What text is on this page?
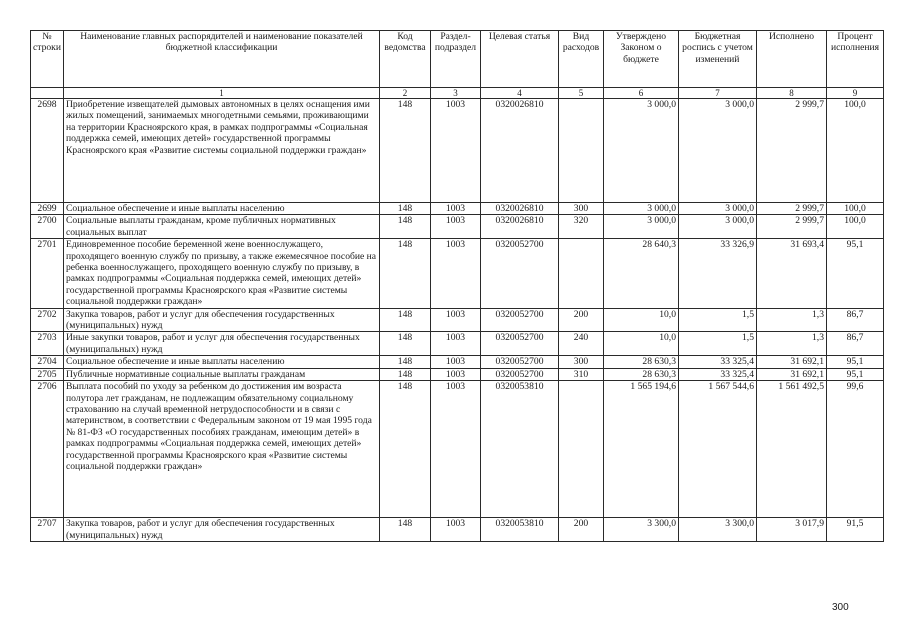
№ строки	Наименование главных распорядителей и наименование показателей бюджетной классификации	Код ведомства	Раздел-подраздел	Целевая статья	Вид расходов	Утверждено Законом о бюджете	Бюджетная роспись с учетом изменений	Исполнено	Процент исполнения
	1	2	3	4	5	6	7	8	9
2698	Приобретение извещателей дымовых автономных в целях оснащения ими жилых помещений, занимаемых многодетными семьями, проживающими на территории Красноярского края, в рамках подпрограммы «Социальная поддержка семей, имеющих детей» государственной программы Красноярского края «Развитие системы социальной поддержки граждан»	148	1003	0320026810		3 000,0	3 000,0	2 999,7	100,0
2699	Социальное обеспечение и иные выплаты населению	148	1003	0320026810	300	3 000,0	3 000,0	2 999,7	100,0
2700	Социальные выплаты гражданам, кроме публичных нормативных социальных выплат	148	1003	0320026810	320	3 000,0	3 000,0	2 999,7	100,0
2701	Единовременное пособие беременной жене военнослужащего, проходящего военную службу по призыву, а также ежемесячное пособие на ребенка военнослужащего, проходящего военную службу по призыву, в рамках подпрограммы «Социальная поддержка семей, имеющих детей» государственной программы Красноярского края «Развитие системы социальной поддержки граждан»	148	1003	0320052700		28 640,3	33 326,9	31 693,4	95,1
2702	Закупка товаров, работ и услуг для обеспечения государственных (муниципальных) нужд	148	1003	0320052700	200	10,0	1,5	1,3	86,7
2703	Иные закупки товаров, работ и услуг для обеспечения государственных (муниципальных) нужд	148	1003	0320052700	240	10,0	1,5	1,3	86,7
2704	Социальное обеспечение и иные выплаты населению	148	1003	0320052700	300	28 630,3	33 325,4	31 692,1	95,1
2705	Публичные нормативные социальные выплаты гражданам	148	1003	0320052700	310	28 630,3	33 325,4	31 692,1	95,1
2706	Выплата пособий по уходу за ребенком до достижения им возраста полутора лет гражданам, не подлежащим обязательному социальному страхованию на случай временной нетрудоспособности и в связи с материнством, в соответствии с Федеральным законом от 19 мая 1995 года № 81-ФЗ «О государственных пособиях гражданам, имеющим детей» в рамках подпрограммы «Социальная поддержка семей, имеющих детей» государственной программы Красноярского края «Развитие системы социальной поддержки граждан»	148	1003	0320053810		1 565 194,6	1 567 544,6	1 561 492,5	99,6
2707	Закупка товаров, работ и услуг для обеспечения государственных (муниципальных) нужд	148	1003	0320053810	200	3 300,0	3 300,0	3 017,9	91,5
300
